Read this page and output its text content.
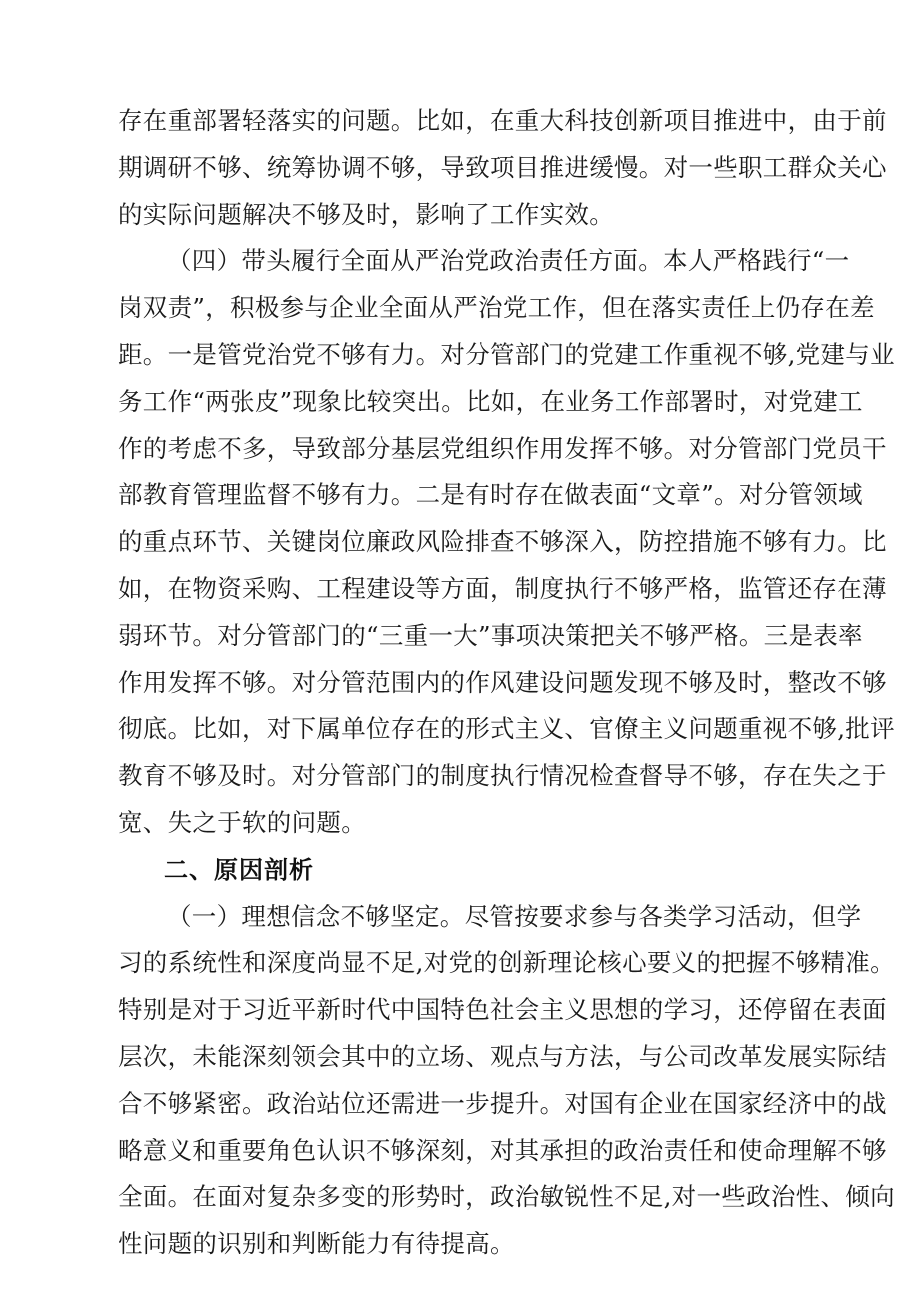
存在重部署轻落实的问题。比如，在重大科技创新项目推进中，由于前
期调研不够、统筹协调不够，导致项目推进缓慢。对一些职工群众关心
的实际问题解决不够及时，影响了工作实效。
（四）带头履行全面从严治党政治责任方面。本人严格践行“一
岗双责”，积极参与企业全面从严治党工作，但在落实责任上仍存在差
距。一是管党治党不够有力。对分管部门的党建工作重视不够,党建与业
务工作“两张皮”现象比较突出。比如，在业务工作部署时，对党建工
作的考虑不多，导致部分基层党组织作用发挥不够。对分管部门党员干
部教育管理监督不够有力。二是有时存在做表面“文章”。对分管领域
的重点环节、关键岗位廉政风险排查不够深入，防控措施不够有力。比
如，在物资采购、工程建设等方面，制度执行不够严格，监管还存在薄
弱环节。对分管部门的“三重一大”事项决策把关不够严格。三是表率
作用发挥不够。对分管范围内的作风建设问题发现不够及时，整改不够
彻底。比如，对下属单位存在的形式主义、官僚主义问题重视不够,批评
教育不够及时。对分管部门的制度执行情况检查督导不够，存在失之于
宽、失之于软的问题。
二、原因剖析
（一）理想信念不够坚定。尽管按要求参与各类学习活动，但学
习的系统性和深度尚显不足,对党的创新理论核心要义的把握不够精准。
特别是对于习近平新时代中国特色社会主义思想的学习，还停留在表面
层次，未能深刻领会其中的立场、观点与方法，与公司改革发展实际结
合不够紧密。政治站位还需进一步提升。对国有企业在国家经济中的战
略意义和重要角色认识不够深刻，对其承担的政治责任和使命理解不够
全面。在面对复杂多变的形势时，政治敏锐性不足,对一些政治性、倾向
性问题的识别和判断能力有待提高。
